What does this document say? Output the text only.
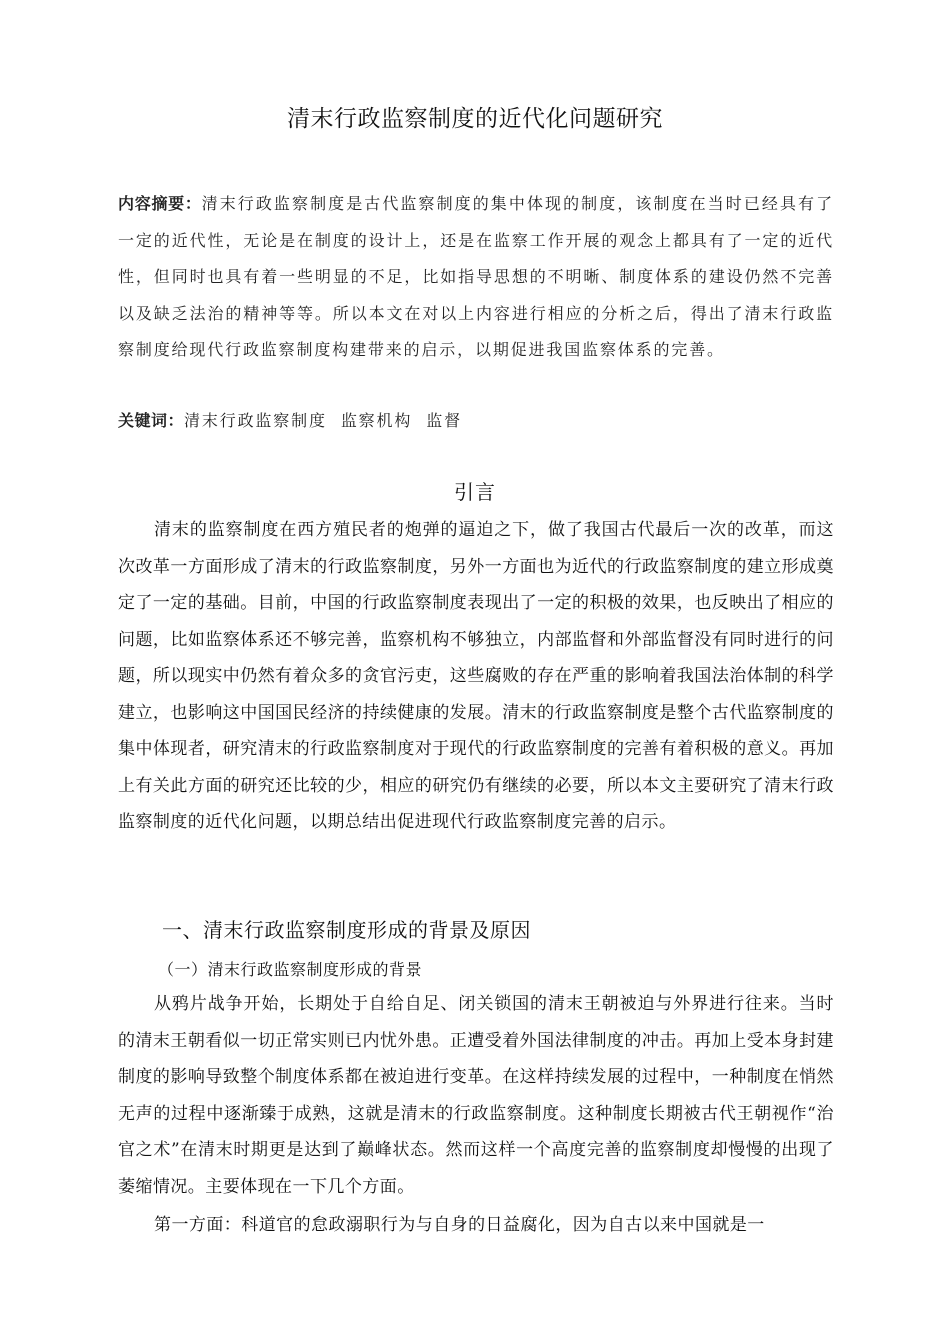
清末行政监察制度的近代化问题研究
内容摘要：清末行政监察制度是古代监察制度的集中体现的制度，该制度在当时已经具有了一定的近代性，无论是在制度的设计上，还是在监察工作开展的观念上都具有了一定的近代性，但同时也具有着一些明显的不足，比如指导思想的不明晰、制度体系的建设仍然不完善以及缺乏法治的精神等等。所以本文在对以上内容进行相应的分析之后，得出了清末行政监察制度给现代行政监察制度构建带来的启示，以期促进我国监察体系的完善。
关键词：清末行政监察制度 监察机构 监督
引言
清末的监察制度在西方殖民者的炮弹的逼迫之下，做了我国古代最后一次的改革，而这次改革一方面形成了清末的行政监察制度，另外一方面也为近代的行政监察制度的建立形成奠定了一定的基础。目前，中国的行政监察制度表现出了一定的积极的效果，也反映出了相应的问题，比如监察体系还不够完善，监察机构不够独立，内部监督和外部监督没有同时进行的问题，所以现实中仍然有着众多的贪官污吏，这些腐败的存在严重的影响着我国法治体制的科学建立，也影响这中国国民经济的持续健康的发展。清末的行政监察制度是整个古代监察制度的集中体现者，研究清末的行政监察制度对于现代的行政监察制度的完善有着积极的意义。再加上有关此方面的研究还比较的少，相应的研究仍有继续的必要，所以本文主要研究了清末行政监察制度的近代化问题，以期总结出促进现代行政监察制度完善的启示。
一、清末行政监察制度形成的背景及原因
（一）清末行政监察制度形成的背景
从鸦片战争开始，长期处于自给自足、闭关锁国的清末王朝被迫与外界进行往来。当时的清末王朝看似一切正常实则已内忧外患。正遭受着外国法律制度的冲击。再加上受本身封建制度的影响导致整个制度体系都在被迫进行变革。在这样持续发展的过程中，一种制度在悄然无声的过程中逐渐臻于成熟，这就是清末的行政监察制度。这种制度长期被古代王朝视作“治官之术”在清末时期更是达到了巅峰状态。然而这样一个高度完善的监察制度却慢慢的出现了萎缩情况。主要体现在一下几个方面。
第一方面：科道官的怠政溺职行为与自身的日益腐化，因为自古以来中国就是一
